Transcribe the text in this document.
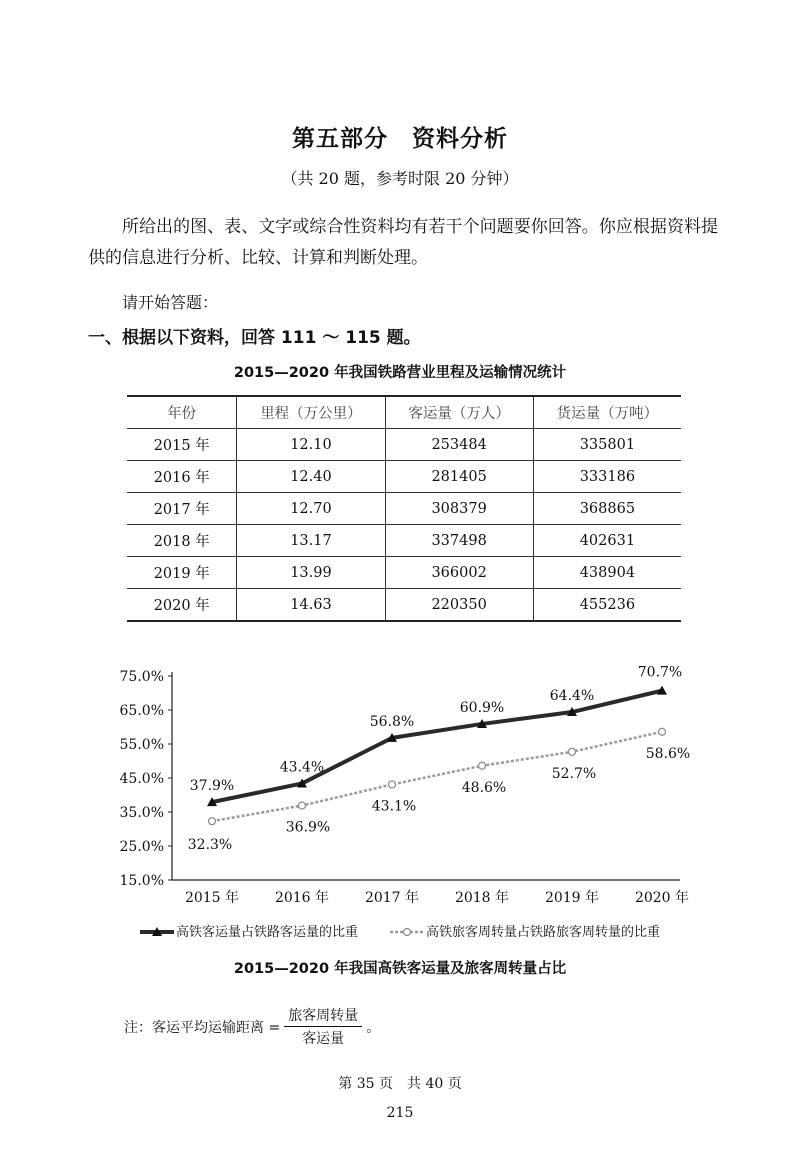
第五部分　资料分析
（共 20 题，参考时限 20 分钟）
所给出的图、表、文字或综合性资料均有若干个问题要你回答。你应根据资料提供的信息进行分析、比较、计算和判断处理。
请开始答题：
一、根据以下资料，回答 111 ～ 115 题。
2015—2020 年我国铁路营业里程及运输情况统计
年份	里程（万公里）	客运量（万人）	货运量（万吨）
2015 年	12.10	253484	335801
2016 年	12.40	281405	333186
2017 年	12.70	308379	368865
2018 年	13.17	337498	402631
2019 年	13.99	366002	438904
2020 年	14.63	220350	455236
75.0%
65.0%
55.0%
45.0%
35.0%
25.0%
15.0%
2015 年	2016 年	2017 年	2018 年	2019 年	2020 年
37.9%
43.4%
56.8%
60.9%
64.4%
70.7%
32.3%
36.9%
43.1%
48.6%
52.7%
58.6%
高铁客运量占铁路客运量的比重	高铁旅客周转量占铁路旅客周转量的比重
2015—2020 年我国高铁客运量及旅客周转量占比
注：客运平均运输距离 = $\frac{\text{旅客周转量}}{\text{客运量}}$ 。
第 35 页　共 40 页
215
